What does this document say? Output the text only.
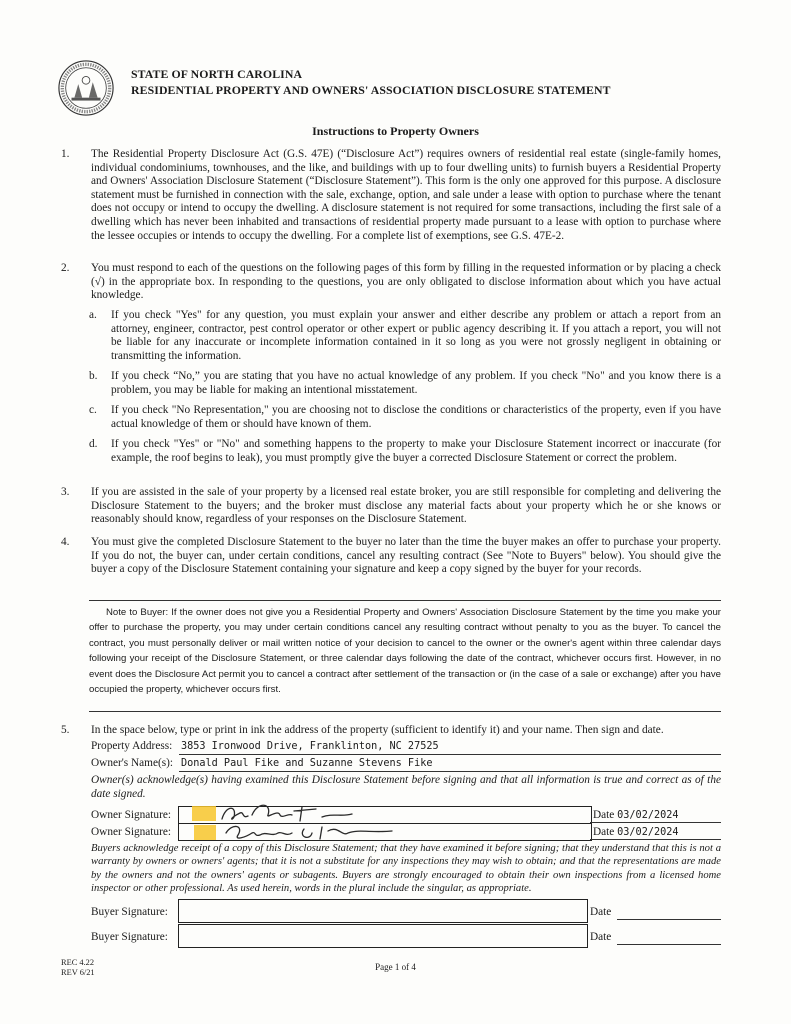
STATE OF NORTH CAROLINA
RESIDENTIAL PROPERTY AND OWNERS' ASSOCIATION DISCLOSURE STATEMENT
Instructions to Property Owners
1. The Residential Property Disclosure Act (G.S. 47E) (“Disclosure Act”) requires owners of residential real estate (single-family homes, individual condominiums, townhouses, and the like, and buildings with up to four dwelling units) to furnish buyers a Residential Property and Owners' Association Disclosure Statement (“Disclosure Statement”). This form is the only one approved for this purpose. A disclosure statement must be furnished in connection with the sale, exchange, option, and sale under a lease with option to purchase where the tenant does not occupy or intend to occupy the dwelling. A disclosure statement is not required for some transactions, including the first sale of a dwelling which has never been inhabited and transactions of residential property made pursuant to a lease with option to purchase where the lessee occupies or intends to occupy the dwelling. For a complete list of exemptions, see G.S. 47E-2.
2. You must respond to each of the questions on the following pages of this form by filling in the requested information or by placing a check (√) in the appropriate box. In responding to the questions, you are only obligated to disclose information about which you have actual knowledge.
a. If you check "Yes" for any question, you must explain your answer and either describe any problem or attach a report from an attorney, engineer, contractor, pest control operator or other expert or public agency describing it. If you attach a report, you will not be liable for any inaccurate or incomplete information contained in it so long as you were not grossly negligent in obtaining or transmitting the information.
b. If you check “No,” you are stating that you have no actual knowledge of any problem. If you check "No" and you know there is a problem, you may be liable for making an intentional misstatement.
c. If you check "No Representation," you are choosing not to disclose the conditions or characteristics of the property, even if you have actual knowledge of them or should have known of them.
d. If you check "Yes" or "No" and something happens to the property to make your Disclosure Statement incorrect or inaccurate (for example, the roof begins to leak), you must promptly give the buyer a corrected Disclosure Statement or correct the problem.
3. If you are assisted in the sale of your property by a licensed real estate broker, you are still responsible for completing and delivering the Disclosure Statement to the buyers; and the broker must disclose any material facts about your property which he or she knows or reasonably should know, regardless of your responses on the Disclosure Statement.
4. You must give the completed Disclosure Statement to the buyer no later than the time the buyer makes an offer to purchase your property. If you do not, the buyer can, under certain conditions, cancel any resulting contract (See "Note to Buyers" below). You should give the buyer a copy of the Disclosure Statement containing your signature and keep a copy signed by the buyer for your records.

Note to Buyer: If the owner does not give you a Residential Property and Owners' Association Disclosure Statement by the time you make your offer to purchase the property, you may under certain conditions cancel any resulting contract without penalty to you as the buyer. To cancel the contract, you must personally deliver or mail written notice of your decision to cancel to the owner or the owner's agent within three calendar days following your receipt of the Disclosure Statement, or three calendar days following the date of the contract, whichever occurs first. However, in no event does the Disclosure Act permit you to cancel a contract after settlement of the transaction or (in the case of a sale or exchange) after you have occupied the property, whichever occurs first.

5. In the space below, type or print in ink the address of the property (sufficient to identify it) and your name. Then sign and date.
Property Address: 3853 Ironwood Drive, Franklinton, NC 27525
Owner's Name(s): Donald Paul Fike and Suzanne Stevens Fike
Owner(s) acknowledge(s) having examined this Disclosure Statement before signing and that all information is true and correct as of the date signed.
Owner Signature:	Date 03/02/2024
Owner Signature:	Date 03/02/2024
Buyers acknowledge receipt of a copy of this Disclosure Statement; that they have examined it before signing; that they understand that this is not a warranty by owners or owners' agents; that it is not a substitute for any inspections they may wish to obtain; and that the representations are made by the owners and not the owners' agents or subagents. Buyers are strongly encouraged to obtain their own inspections from a licensed home inspector or other professional. As used herein, words in the plural include the singular, as appropriate.
Buyer Signature:	Date
Buyer Signature:	Date
REC 4.22
REV 6/21	Page 1 of 4
